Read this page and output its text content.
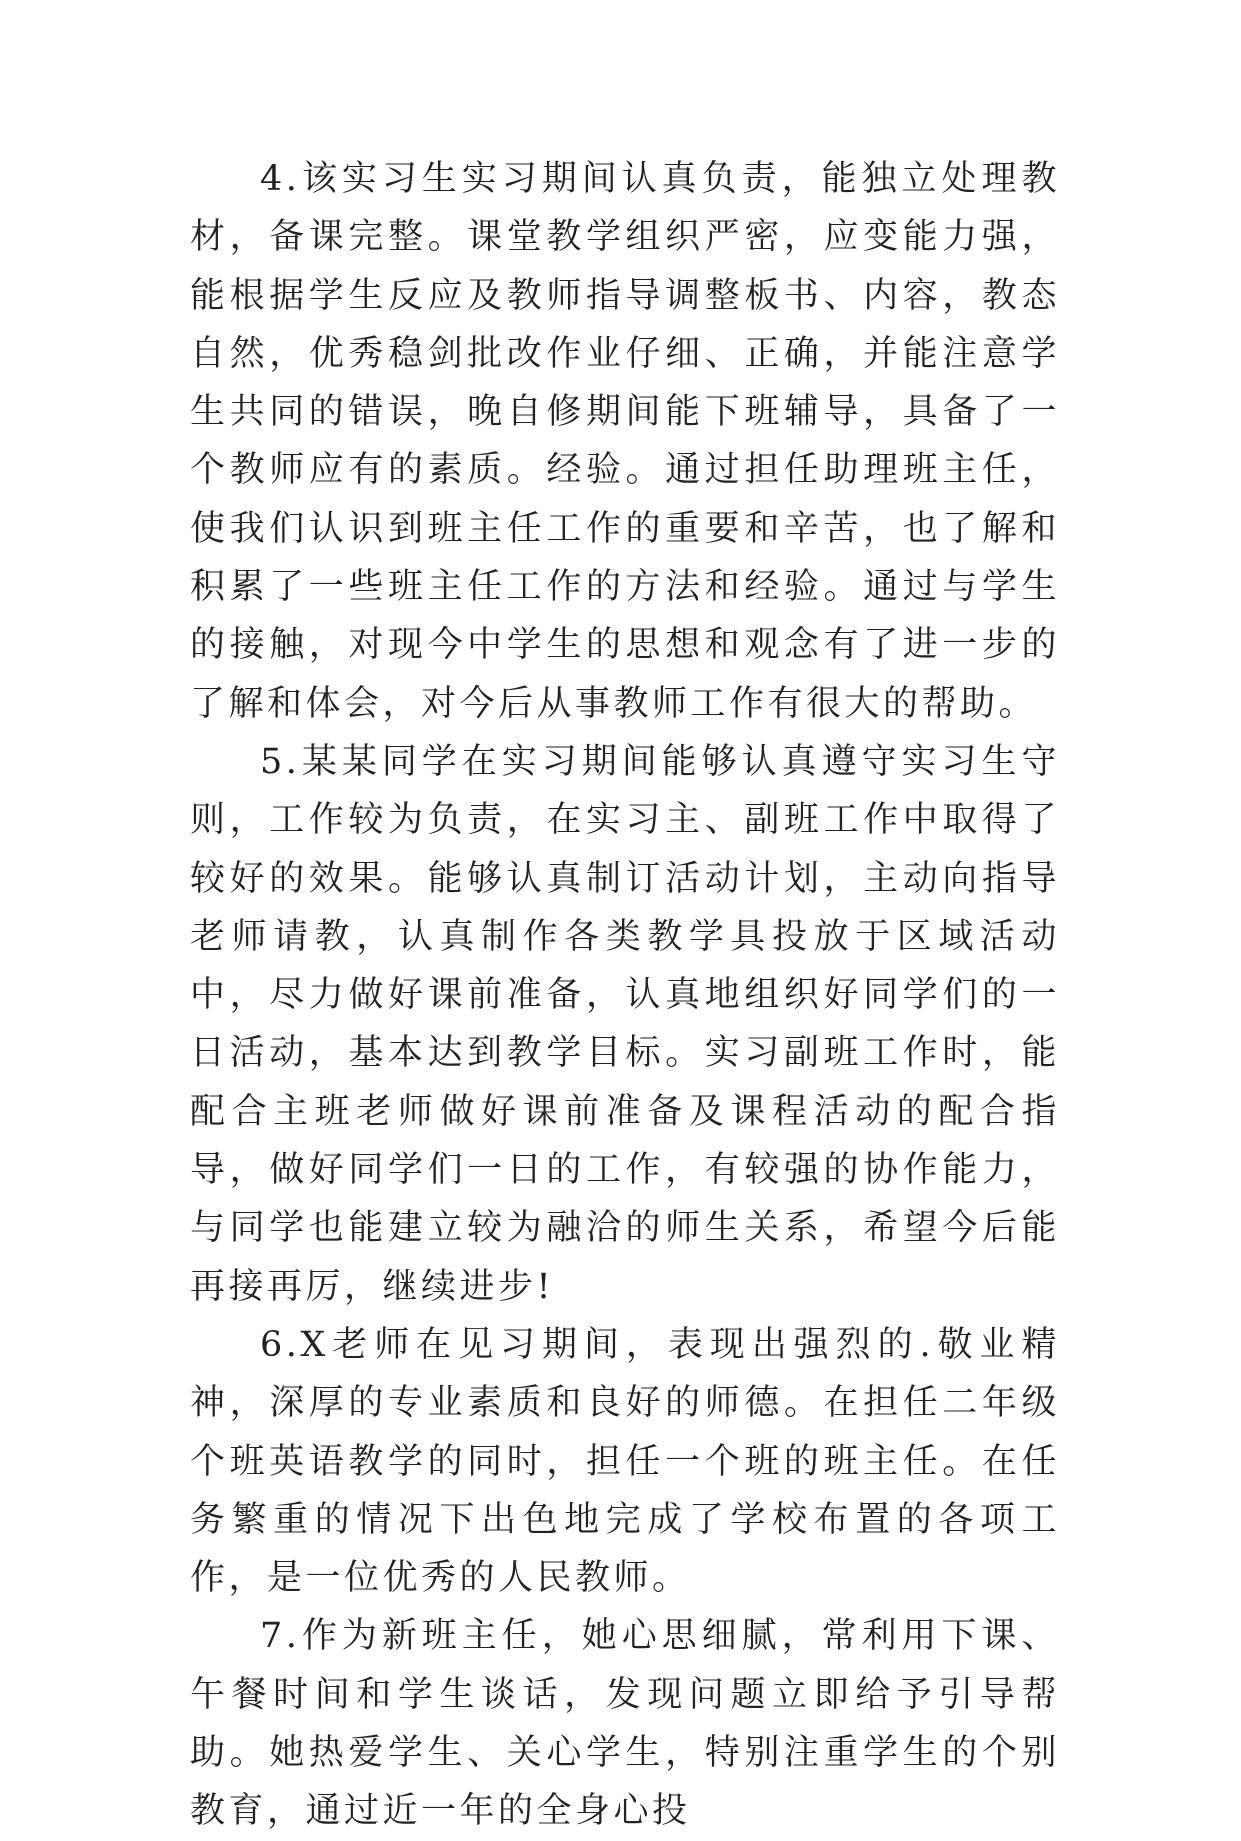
4.该实习生实习期间认真负责，能独立处理教材，备课完整。课堂教学组织严密，应变能力强，能根据学生反应及教师指导调整板书、内容，教态自然，优秀稳剑批改作业仔细、正确，并能注意学生共同的错误，晚自修期间能下班辅导，具备了一个教师应有的素质。经验。通过担任助理班主任，使我们认识到班主任工作的重要和辛苦，也了解和积累了一些班主任工作的方法和经验。通过与学生的接触，对现今中学生的思想和观念有了进一步的了解和体会，对今后从事教师工作有很大的帮助。

5.某某同学在实习期间能够认真遵守实习生守则，工作较为负责，在实习主、副班工作中取得了较好的效果。能够认真制订活动计划，主动向指导老师请教，认真制作各类教学具投放于区域活动中，尽力做好课前准备，认真地组织好同学们的一日活动，基本达到教学目标。实习副班工作时，能配合主班老师做好课前准备及课程活动的配合指导，做好同学们一日的工作，有较强的协作能力，与同学也能建立较为融洽的师生关系，希望今后能再接再厉，继续进步!

6.X老师在见习期间，表现出强烈的.敬业精神，深厚的专业素质和良好的师德。在担任二年级个班英语教学的同时，担任一个班的班主任。在任务繁重的情况下出色地完成了学校布置的各项工作，是一位优秀的人民教师。

7.作为新班主任，她心思细腻，常利用下课、午餐时间和学生谈话，发现问题立即给予引导帮助。她热爱学生、关心学生，特别注重学生的个别教育，通过近一年的全身心投
